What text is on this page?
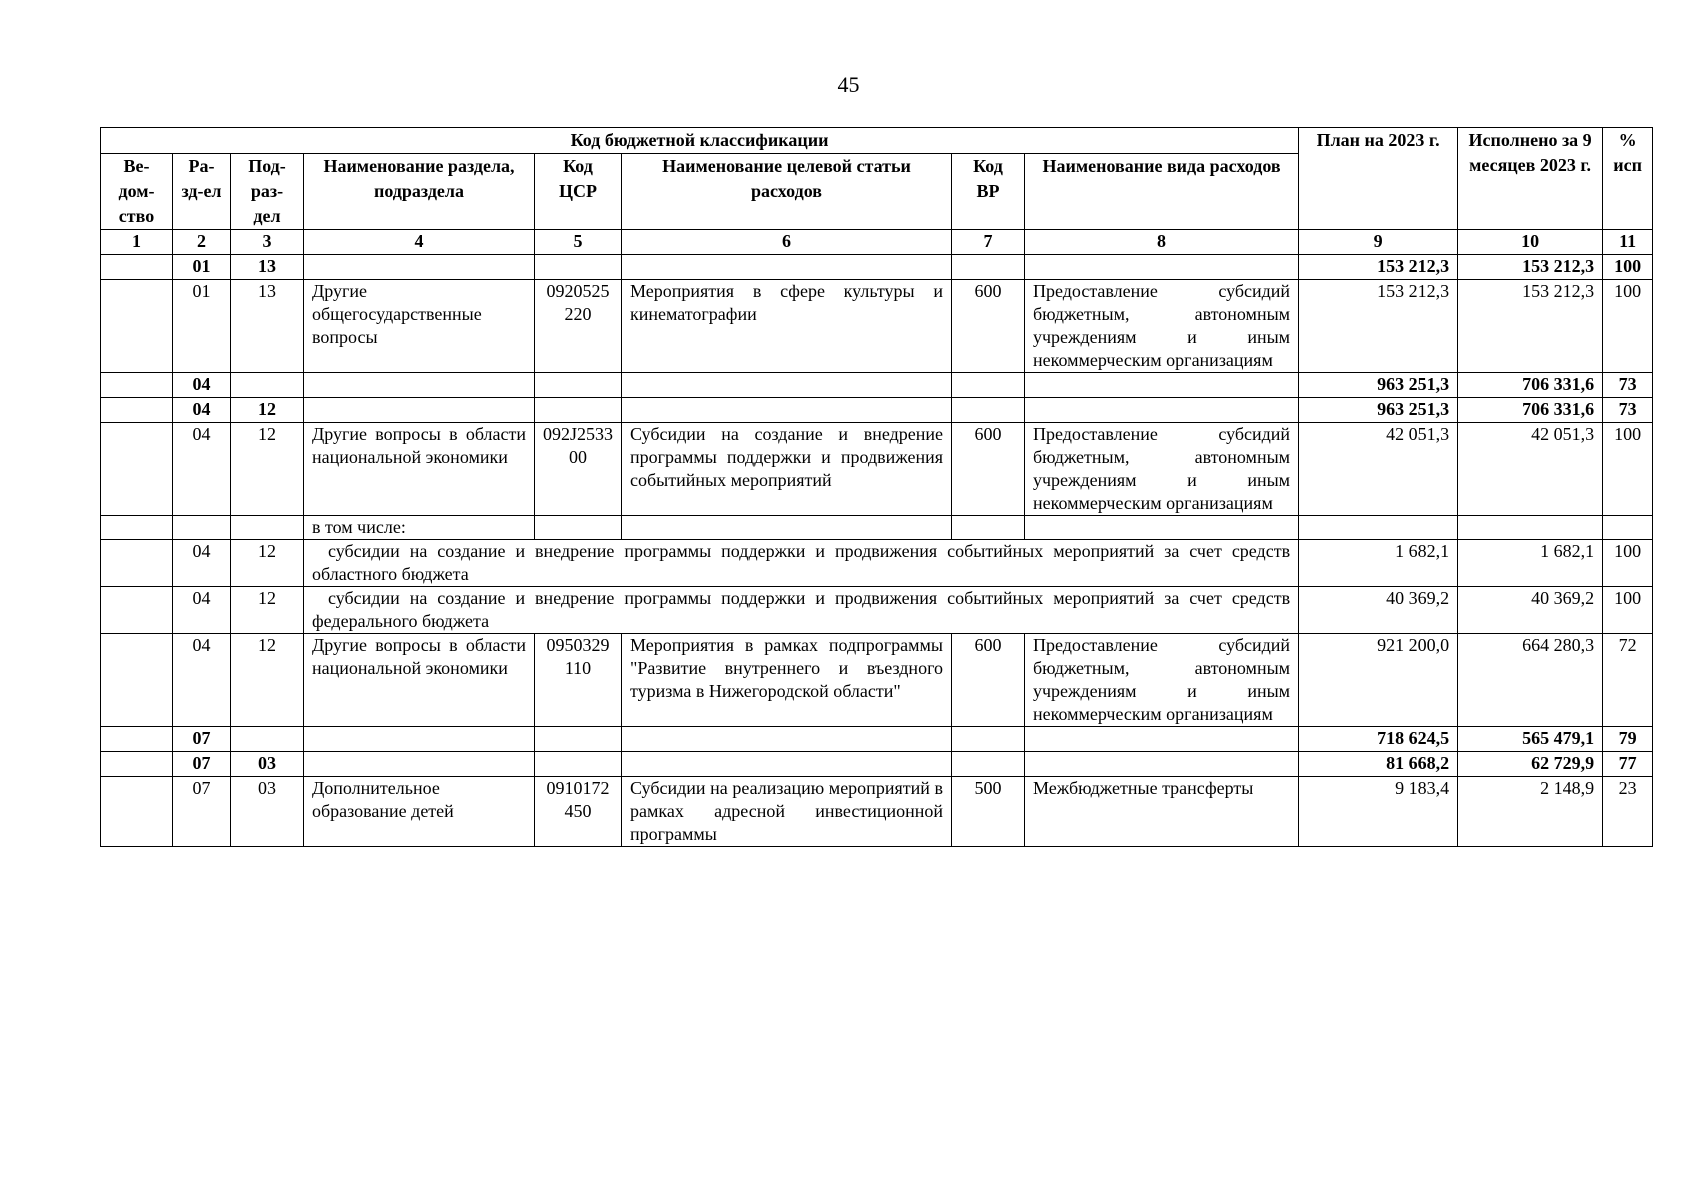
45
Код бюджетной классификации								План на 2023 г.	Исполнено за 9 месяцев 2023 г.	% исп
Ве-дом-ство	Ра-зд-ел	Под-раз-дел	Наименование раздела, подраздела	Код ЦСР	Наименование целевой статьи расходов	Код ВР	Наименование вида расходов			
1	2	3	4	5	6	7	8	9	10	11
	01	13						153 212,3	153 212,3	100
	01	13	Другие общегосударственные вопросы	0920525220	Мероприятия в сфере культуры и кинематографии	600	Предоставление субсидий бюджетным, автономным учреждениям и иным некоммерческим организациям	153 212,3	153 212,3	100
	04							963 251,3	706 331,6	73
	04	12						963 251,3	706 331,6	73
	04	12	Другие вопросы в области национальной экономики	092J253300	Субсидии на создание и внедрение программы поддержки и продвижения событийных мероприятий	600	Предоставление субсидий бюджетным, автономным учреждениям и иным некоммерческим организациям	42 051,3	42 051,3	100
			в том числе:							
	04	12	субсидии на создание и внедрение программы поддержки и продвижения событийных мероприятий за счет средств областного бюджета					1 682,1	1 682,1	100
	04	12	субсидии на создание и внедрение программы поддержки и продвижения событийных мероприятий за счет средств федерального бюджета					40 369,2	40 369,2	100
	04	12	Другие вопросы в области национальной экономики	0950329110	Мероприятия в рамках подпрограммы "Развитие внутреннего и въездного туризма в Нижегородской области"	600	Предоставление субсидий бюджетным, автономным учреждениям и иным некоммерческим организациям	921 200,0	664 280,3	72
	07							718 624,5	565 479,1	79
	07	03						81 668,2	62 729,9	77
	07	03	Дополнительное образование детей	0910172450	Субсидии на реализацию мероприятий в рамках адресной инвестиционной программы	500	Межбюджетные трансферты	9 183,4	2 148,9	23
